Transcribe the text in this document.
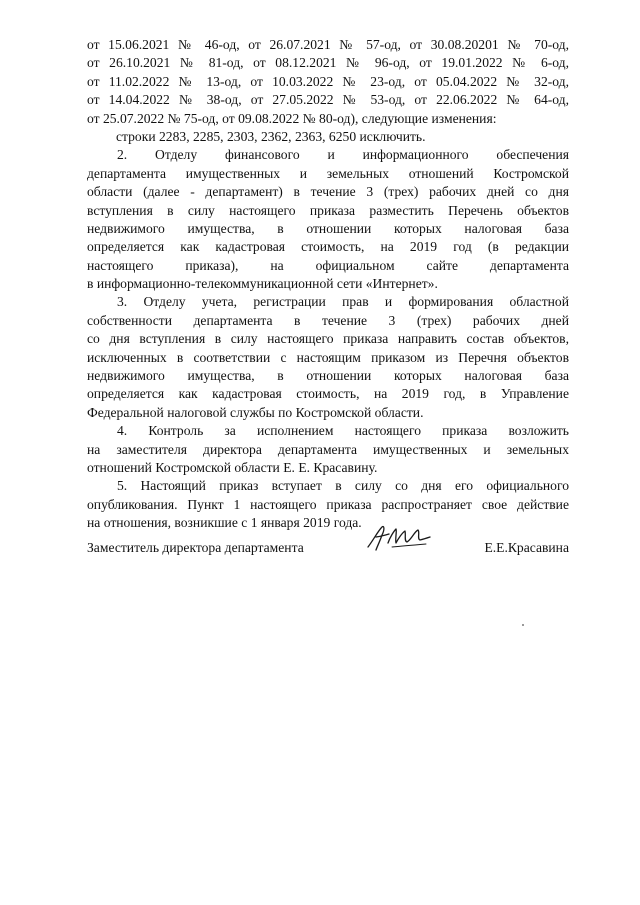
от 15.06.2021 № 46-од, от 26.07.2021 № 57-од, от 30.08.20201 № 70-од,
от 26.10.2021 № 81-од, от 08.12.2021 № 96-од, от 19.01.2022 № 6-од,
от 11.02.2022 № 13-од, от 10.03.2022 № 23-од, от 05.04.2022 № 32-од,
от 14.04.2022 № 38-од, от 27.05.2022 № 53-од, от 22.06.2022 № 64-од,
от 25.07.2022 № 75-од, от 09.08.2022 № 80-од), следующие изменения:
строки 2283, 2285, 2303, 2362, 2363, 6250 исключить.
2. Отделу финансового и информационного обеспечения
департамента имущественных и земельных отношений Костромской
области (далее - департамент) в течение 3 (трех) рабочих дней со дня
вступления в силу настоящего приказа разместить Перечень объектов
недвижимого имущества, в отношении которых налоговая база
определяется как кадастровая стоимость, на 2019 год (в редакции
настоящего приказа), на официальном сайте департамента
в информационно-телекоммуникационной сети «Интернет».
3. Отделу учета, регистрации прав и формирования областной
собственности департамента в течение 3 (трех) рабочих дней
со дня вступления в силу настоящего приказа направить состав объектов,
исключенных в соответствии с настоящим приказом из Перечня объектов
недвижимого имущества, в отношении которых налоговая база
определяется как кадастровая стоимость, на 2019 год, в Управление
Федеральной налоговой службы по Костромской области.
4. Контроль за исполнением настоящего приказа возложить
на заместителя директора департамента имущественных и земельных
отношений Костромской области Е. Е. Красавину.
5. Настоящий приказ вступает в силу со дня его официального
опубликования. Пункт 1 настоящего приказа распространяет свое действие
на отношения, возникшие с 1 января 2019 года.
Заместитель директора департамента	Е.Е.Красавина
